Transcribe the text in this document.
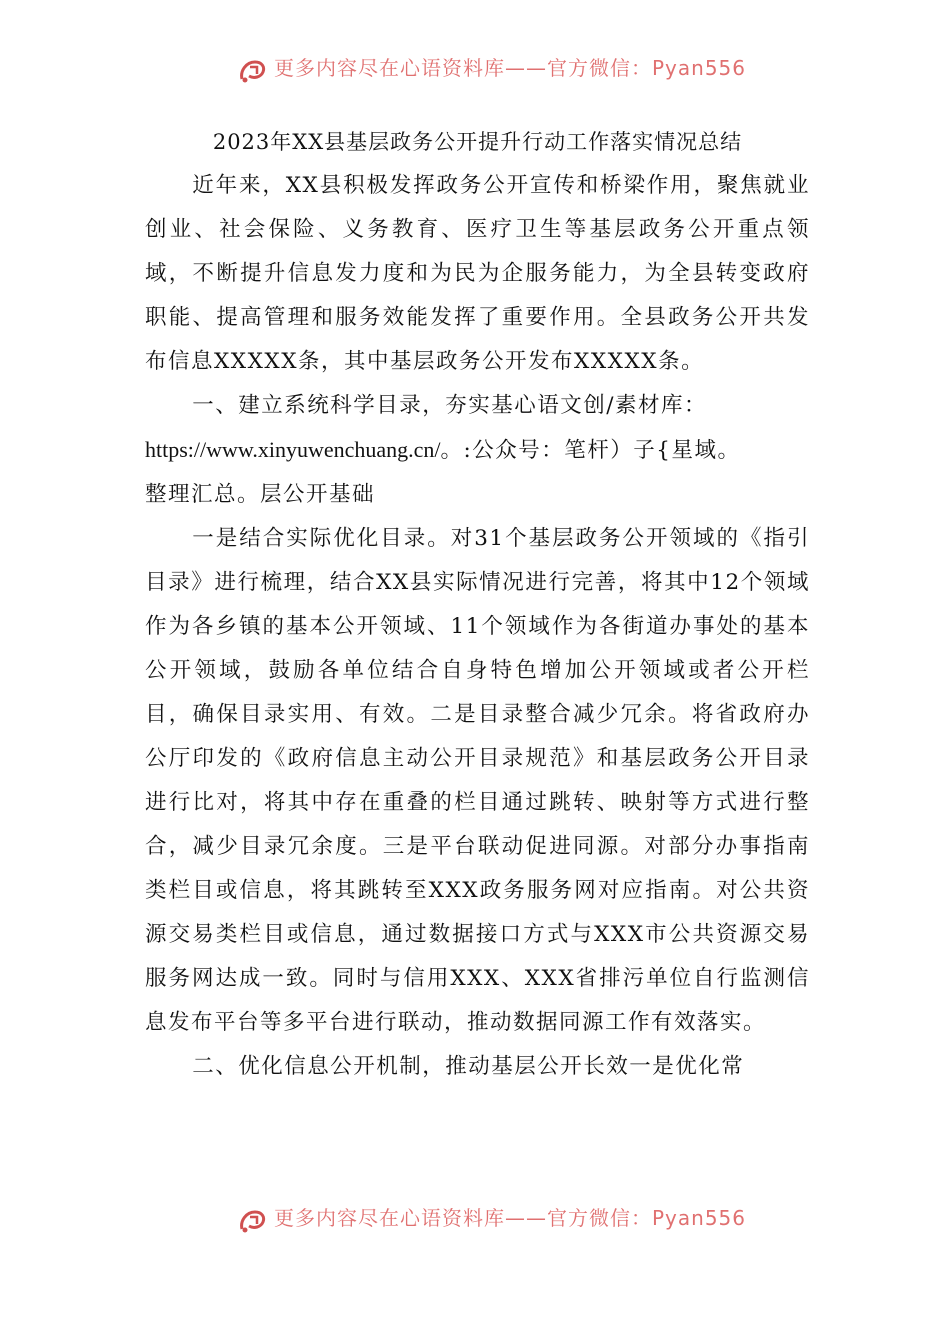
更多内容尽在心语资料库——官方微信：Pyan556
2023年XX县基层政务公开提升行动工作落实情况总结

近年来，XX县积极发挥政务公开宣传和桥梁作用，聚焦就业创业、社会保险、义务教育、医疗卫生等基层政务公开重点领域，不断提升信息发力度和为民为企服务能力，为全县转变政府职能、提高管理和服务效能发挥了重要作用。全县政务公开共发布信息XXXXX条，其中基层政务公开发布XXXXX条。

一、建立系统科学目录，夯实基心语文创/素材库：
https://www.xinyuwenchuang.cn/。:公众号：笔杆）子{星域。
整理汇总。层公开基础

一是结合实际优化目录。对31个基层政务公开领域的《指引目录》进行梳理，结合XX县实际情况进行完善，将其中12个领域作为各乡镇的基本公开领域、11个领域作为各街道办事处的基本公开领域，鼓励各单位结合自身特色增加公开领域或者公开栏目，确保目录实用、有效。二是目录整合减少冗余。将省政府办公厅印发的《政府信息主动公开目录规范》和基层政务公开目录进行比对，将其中存在重叠的栏目通过跳转、映射等方式进行整合，减少目录冗余度。三是平台联动促进同源。对部分办事指南类栏目或信息，将其跳转至XXX政务服务网对应指南。对公共资源交易类栏目或信息，通过数据接口方式与XXX市公共资源交易服务网达成一致。同时与信用XXX、XXX省排污单位自行监测信息发布平台等多平台进行联动，推动数据同源工作有效落实。

二、优化信息公开机制，推动基层公开长效一是优化常

更多内容尽在心语资料库——官方微信：Pyan556
